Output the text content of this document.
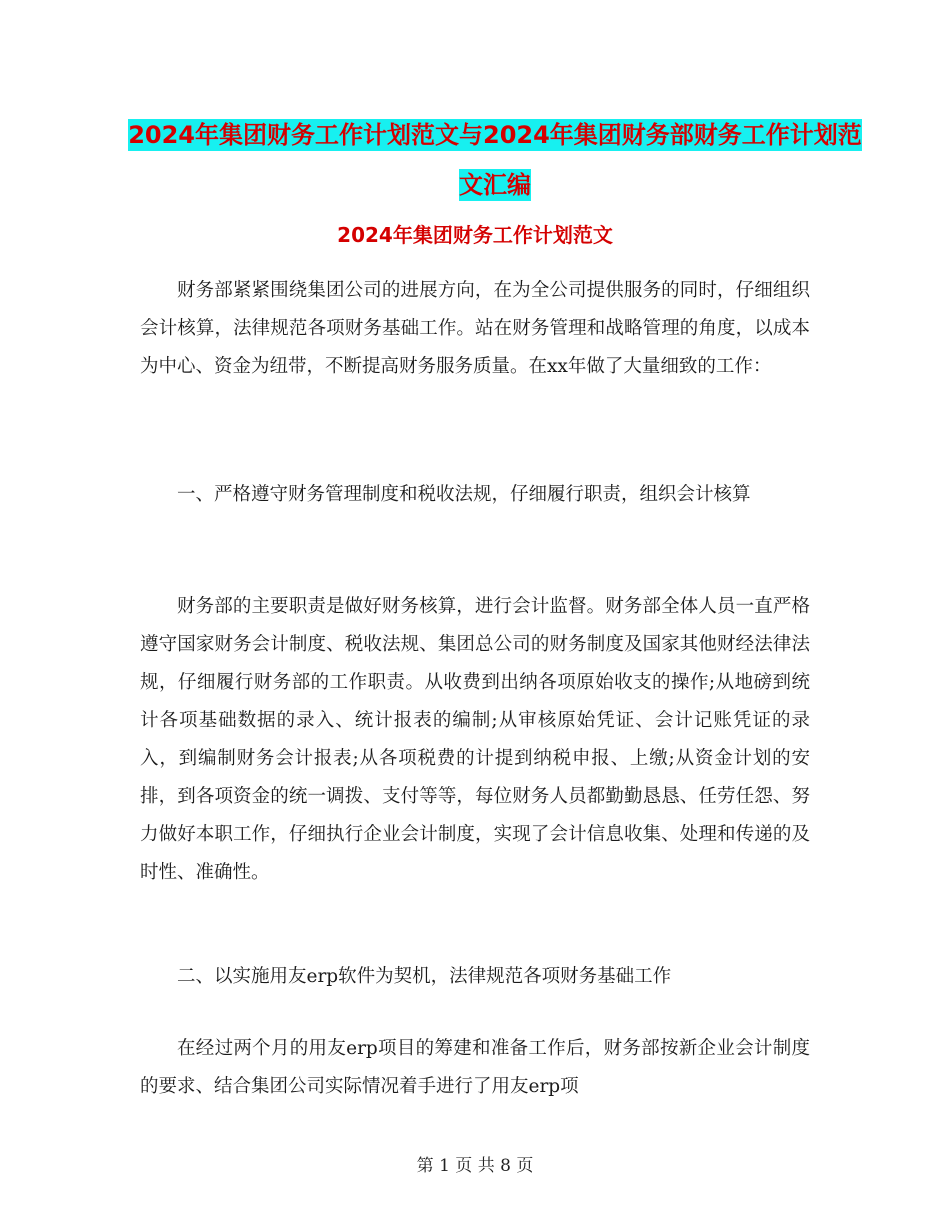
2024年集团财务工作计划范文与2024年集团财务部财务工作计划范文汇编
2024年集团财务工作计划范文

财务部紧紧围绕集团公司的进展方向，在为全公司提供服务的同时，仔细组织会计核算，法律规范各项财务基础工作。站在财务管理和战略管理的角度，以成本为中心、资金为纽带，不断提高财务服务质量。在xx年做了大量细致的工作：

一、严格遵守财务管理制度和税收法规，仔细履行职责，组织会计核算

财务部的主要职责是做好财务核算，进行会计监督。财务部全体人员一直严格遵守国家财务会计制度、税收法规、集团总公司的财务制度及国家其他财经法律法规，仔细履行财务部的工作职责。从收费到出纳各项原始收支的操作;从地磅到统计各项基础数据的录入、统计报表的编制;从审核原始凭证、会计记账凭证的录入，到编制财务会计报表;从各项税费的计提到纳税申报、上缴;从资金计划的安排，到各项资金的统一调拨、支付等等，每位财务人员都勤勤恳恳、任劳任怨、努力做好本职工作，仔细执行企业会计制度，实现了会计信息收集、处理和传递的及时性、准确性。

二、以实施用友erp软件为契机，法律规范各项财务基础工作

在经过两个月的用友erp项目的筹建和准备工作后，财务部按新企业会计制度的要求、结合集团公司实际情况着手进行了用友erp项

第 1 页 共 8 页
